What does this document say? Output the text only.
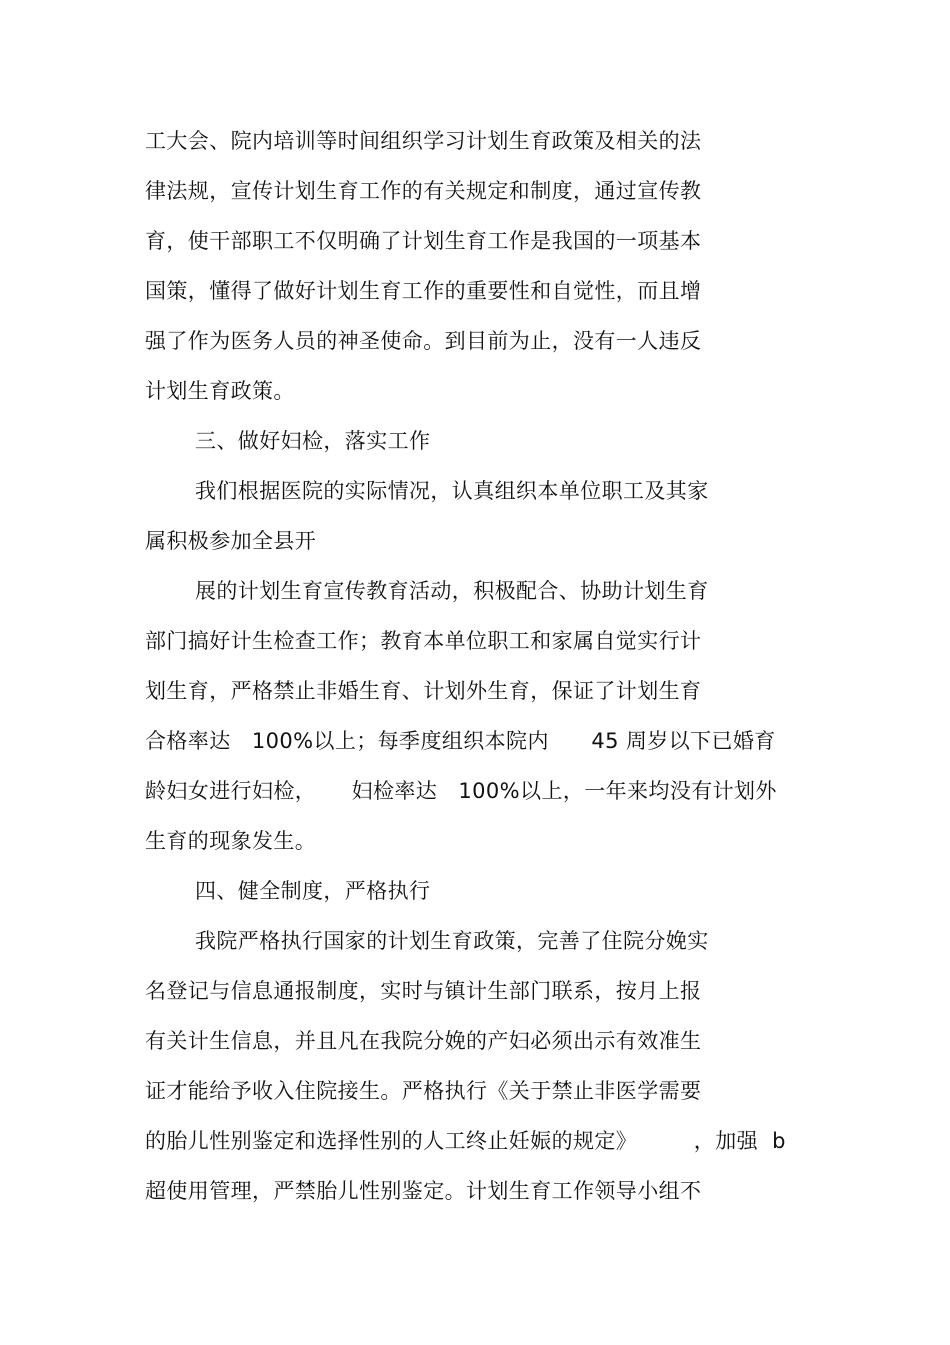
工大会、院内培训等时间组织学习计划生育政策及相关的法
律法规，宣传计划生育工作的有关规定和制度，通过宣传教
育，使干部职工不仅明确了计划生育工作是我国的一项基本
国策，懂得了做好计划生育工作的重要性和自觉性，而且增
强了作为医务人员的神圣使命。到目前为止，没有一人违反
计划生育政策。
三、做好妇检，落实工作
我们根据医院的实际情况，认真组织本单位职工及其家
属积极参加全县开
展的计划生育宣传教育活动，积极配合、协助计划生育
部门搞好计生检查工作；教育本单位职工和家属自觉实行计
划生育，严格禁止非婚生育、计划外生育，保证了计划生育
合格率达   100%以上；每季度组织本院内      45 周岁以下已婚育
龄妇女进行妇检，     妇检率达   100%以上，一年来均没有计划外
生育的现象发生。
四、健全制度，严格执行
我院严格执行国家的计划生育政策，完善了住院分娩实
名登记与信息通报制度，实时与镇计生部门联系，按月上报
有关计生信息，并且凡在我院分娩的产妇必须出示有效准生
证才能给予收入住院接生。严格执行《关于禁止非医学需要
的胎儿性别鉴定和选择性别的人工终止妊娠的规定》        ，加强  b
超使用管理，严禁胎儿性别鉴定。计划生育工作领导小组不
